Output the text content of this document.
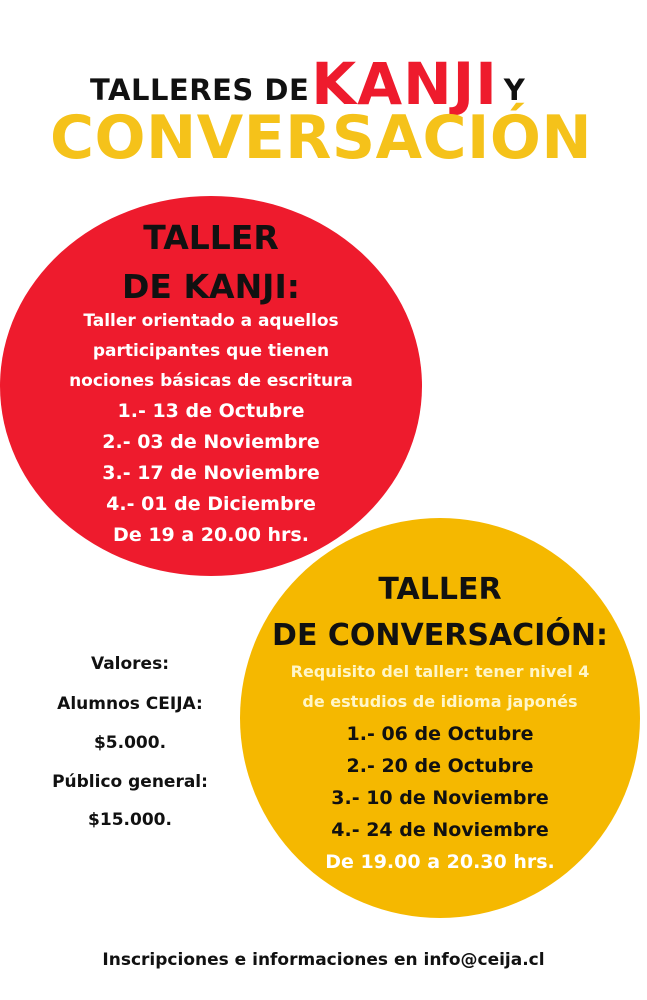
TALLERES DE KANJI Y
CONVERSACIÓN
TALLER
DE KANJI:
Taller orientado a aquellos
participantes que tienen
nociones básicas de escritura
1.- 13 de Octubre
2.- 03 de Noviembre
3.- 17 de Noviembre
4.- 01 de Diciembre
De 19 a 20.00 hrs.
TALLER
DE CONVERSACIÓN:
Requisito del taller: tener nivel 4
de estudios de idioma japonés
1.- 06 de Octubre
2.- 20 de Octubre
3.- 10 de Noviembre
4.- 24 de Noviembre
De 19.00 a 20.30 hrs.
Valores:
Alumnos CEIJA:
$5.000.
Público general:
$15.000.
Inscripciones e informaciones en info@ceija.cl
